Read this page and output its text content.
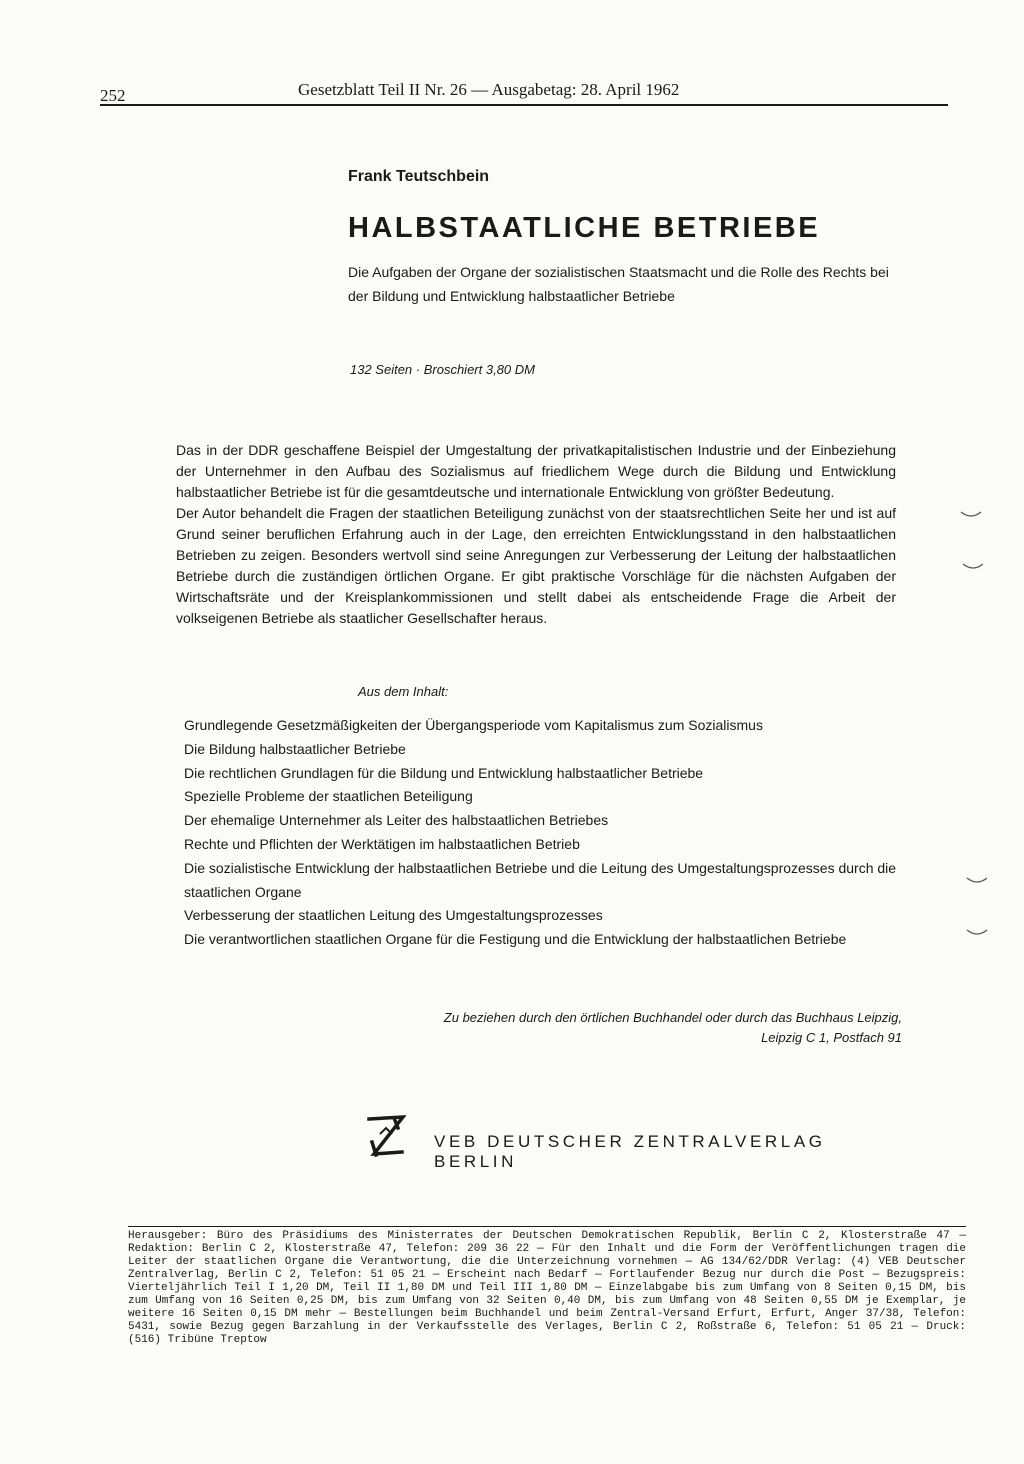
252	Gesetzblatt Teil II Nr. 26 — Ausgabetag: 28. April 1962
Frank Teutschbein
HALBSTAATLICHE BETRIEBE
Die Aufgaben der Organe der sozialistischen Staatsmacht und die Rolle des Rechts bei der Bildung und Entwicklung halbstaatlicher Betriebe
132 Seiten · Broschiert 3,80 DM

Das in der DDR geschaffene Beispiel der Umgestaltung der privatkapitalistischen Industrie und der Einbeziehung der Unternehmer in den Aufbau des Sozialismus auf friedlichem Wege durch die Bildung und Entwicklung halbstaatlicher Betriebe ist für die gesamtdeutsche und internationale Entwicklung von größter Bedeutung.

Der Autor behandelt die Fragen der staatlichen Beteiligung zunächst von der staatsrechtlichen Seite her und ist auf Grund seiner beruflichen Erfahrung auch in der Lage, den erreichten Entwicklungsstand in den halbstaatlichen Betrieben zu zeigen. Besonders wertvoll sind seine Anregungen zur Verbesserung der Leitung der halbstaatlichen Betriebe durch die zuständigen örtlichen Organe. Er gibt praktische Vorschläge für die nächsten Aufgaben der Wirtschaftsräte und der Kreisplankommissionen und stellt dabei als entscheidende Frage die Arbeit der volkseigenen Betriebe als staatlicher Gesellschafter heraus.

Aus dem Inhalt:
Grundlegende Gesetzmäßigkeiten der Übergangsperiode vom Kapitalismus zum Sozialismus
Die Bildung halbstaatlicher Betriebe
Die rechtlichen Grundlagen für die Bildung und Entwicklung halbstaatlicher Betriebe
Spezielle Probleme der staatlichen Beteiligung
Der ehemalige Unternehmer als Leiter des halbstaatlichen Betriebes
Rechte und Pflichten der Werktätigen im halbstaatlichen Betrieb
Die sozialistische Entwicklung der halbstaatlichen Betriebe und die Leitung des Umgestaltungsprozesses durch die staatlichen Organe
Verbesserung der staatlichen Leitung des Umgestaltungsprozesses
Die verantwortlichen staatlichen Organe für die Festigung und die Entwicklung der halbstaatlichen Betriebe
Zu beziehen durch den örtlichen Buchhandel oder durch das Buchhaus Leipzig,
Leipzig C 1, Postfach 91
VEB DEUTSCHER ZENTRALVERLAG BERLIN

Herausgeber: Büro des Präsidiums des Ministerrates der Deutschen Demokratischen Republik, Berlin C 2, Klosterstraße 47 — Redaktion: Berlin C 2, Klosterstraße 47, Telefon: 209 36 22 — Für den Inhalt und die Form der Veröffentlichungen tragen die Leiter der staatlichen Organe die Verantwortung, die die Unterzeichnung vornehmen — AG 134/62/DDR Verlag: (4) VEB Deutscher Zentralverlag, Berlin C 2, Telefon: 51 05 21 — Erscheint nach Bedarf — Fortlaufender Bezug nur durch die Post — Bezugspreis: Vierteljährlich Teil I 1,20 DM, Teil II 1,80 DM und Teil III 1,80 DM — Einzelabgabe bis zum Umfang von 8 Seiten 0,15 DM, bis zum Umfang von 16 Seiten 0,25 DM, bis zum Umfang von 32 Seiten 0,40 DM, bis zum Umfang von 48 Seiten 0,55 DM je Exemplar, je weitere 16 Seiten 0,15 DM mehr — Bestellungen beim Buchhandel und beim Zentral-Versand Erfurt, Erfurt, Anger 37/38, Telefon: 5431, sowie Bezug gegen Barzahlung in der Verkaufsstelle des Verlages, Berlin C 2, Roßstraße 6, Telefon: 51 05 21 — Druck: (516) Tribüne Treptow
